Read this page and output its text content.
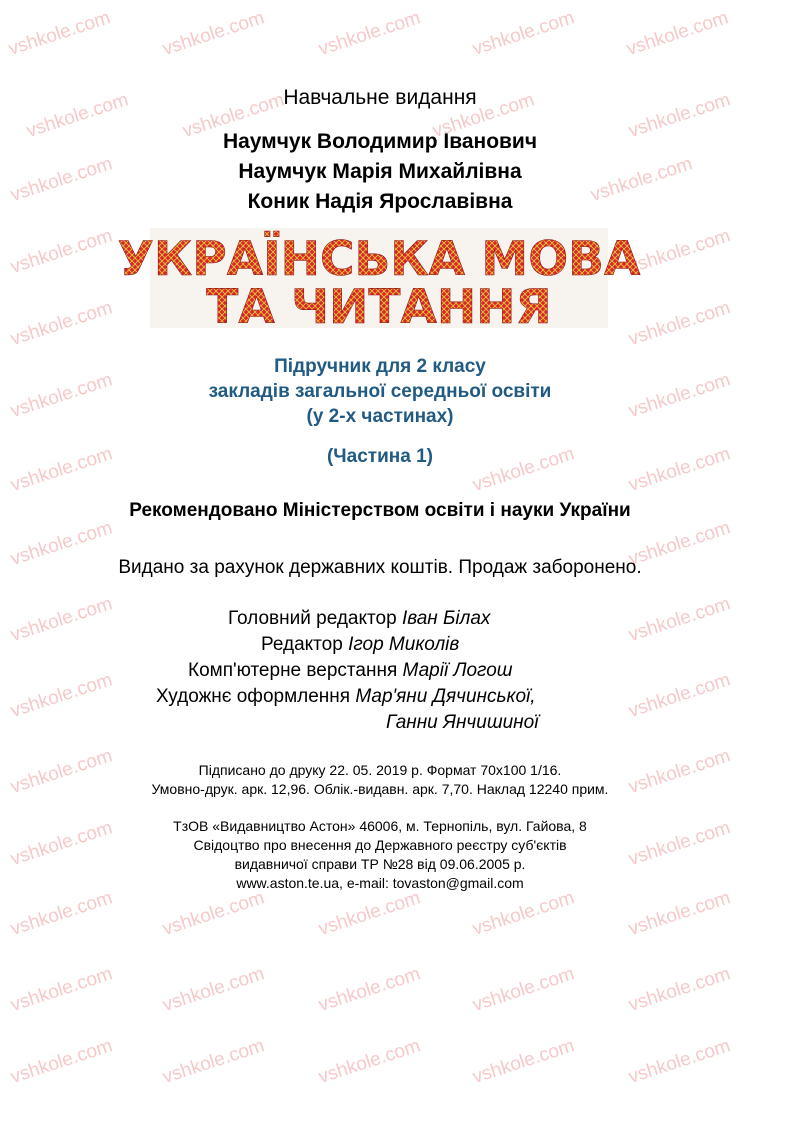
vshkole.com vshkole.com	vshkole.com vshkole.com vshkole.com
vshkole.com	vshkole.com	vshkole.com	vshkole.com
vshkole.com	vshkole.com
vshkole.com	vshkole.com
vshkole.com	vshkole.com
vshkole.com	vshkole.com
vshkole.com	vshkole.com	vshkole.com
vshkole.com	vshkole.com
vshkole.com	vshkole.com
vshkole.com	vshkole.com
vshkole.com	vshkole.com
vshkole.com	vshkole.com
vshkole.com vshkole.com	vshkole.com vshkole.com	vshkole.com
vshkole.com vshkole.com	vshkole.com vshkole.com	vshkole.com
vshkole.com vshkole.com	vshkole.com vshkole.com	vshkole.com
Навчальне видання
Наумчук Володимир Іванович
Наумчук Марія Михайлівна
Коник Надія Ярославівна
УКРАЇНСЬКА МОВА
ТА ЧИТАННЯ
Підручник для 2 класу
закладів загальної середньої освіти
(у 2-х частинах)
(Частина 1)
Рекомендовано Міністерством освіти і науки України
Видано за рахунок державних коштів. Продаж заборонено.
Головний редактор Іван Білах
Редактор Ігор Миколів
Комп'ютерне верстання Марії Логош
Художнє оформлення Мар'яни Дячинської,
Ганни Янчишиної
Підписано до друку 22. 05. 2019 р. Формат 70х100 1/16.
Умовно-друк. арк. 12,96. Облік.-видавн. арк. 7,70. Наклад 12240 прим.
ТзОВ «Видавництво Астон» 46006, м. Тернопіль, вул. Гайова, 8
Свідоцтво про внесення до Державного реєстру суб'єктів
видавничої справи ТР №28 від 09.06.2005 р.
www.aston.te.ua, e-mail: tovaston@gmail.com
